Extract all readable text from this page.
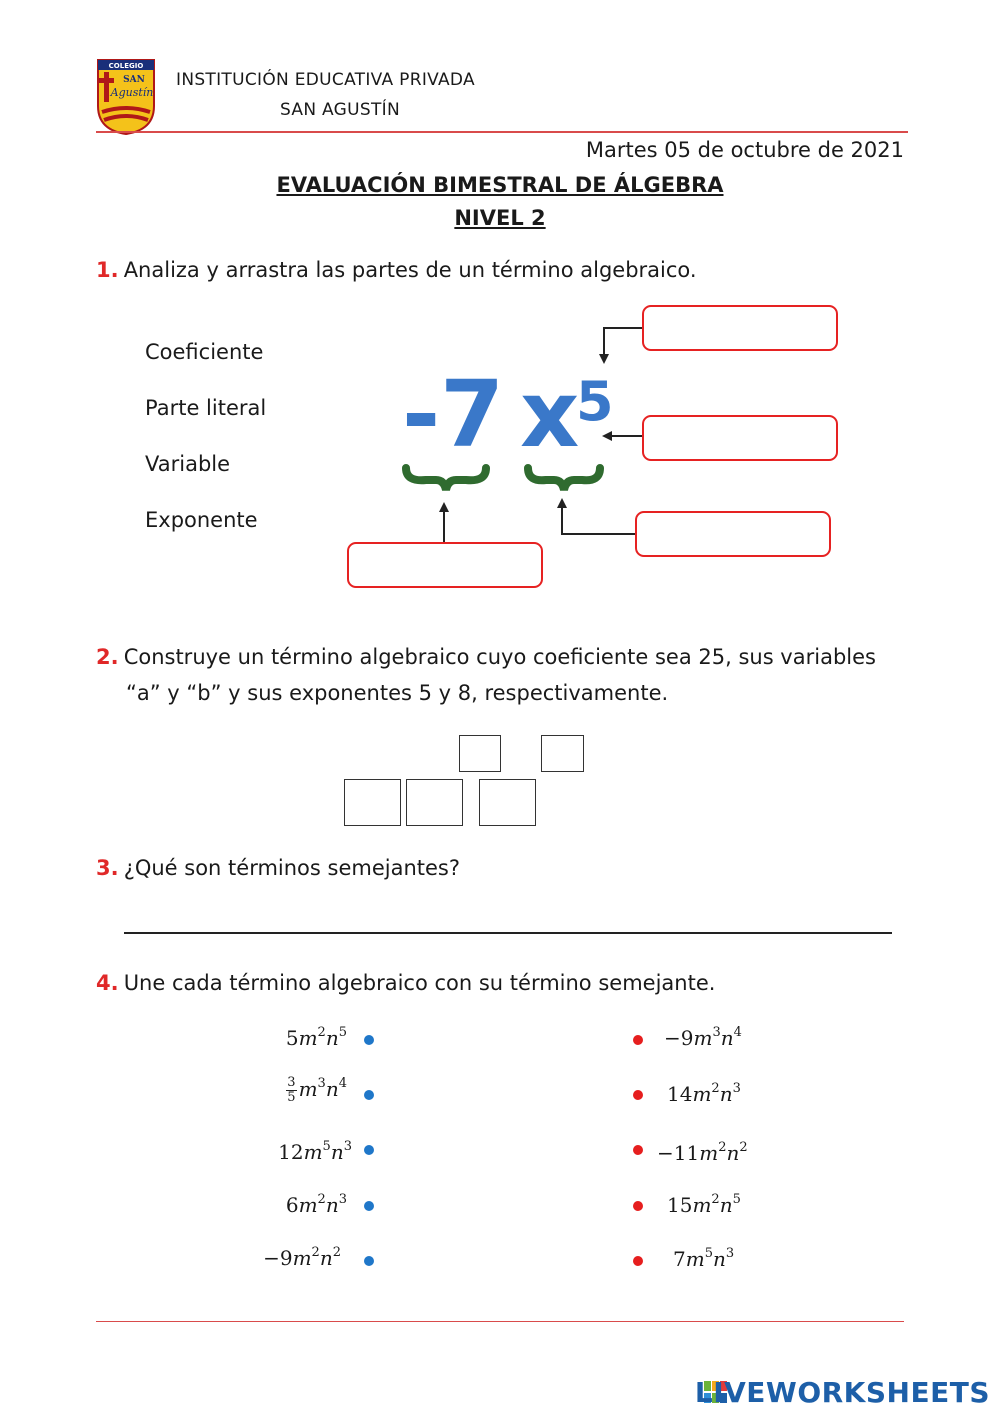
COLEGIO
SAN
Agustín
INSTITUCIÓN EDUCATIVA PRIVADA
SAN AGUSTÍN
Martes 05 de octubre de 2021
EVALUACIÓN BIMESTRAL DE ÁLGEBRA
NIVEL 2
1. Analiza y arrastra las partes de un término algebraico.
Coeficiente
Parte literal
Variable
Exponente
-7 x
5
2. Construye un término algebraico cuyo coeficiente sea 25, sus variables
“a” y “b” y sus exponentes 5 y 8, respectivamente.
3. ¿Qué son términos semejantes?
4. Une cada término algebraico con su término semejante.
$5m^2n^5$
$\frac{3}{5} m^3n^4$
$12m^5n^3$
$6m^2n^3$
$-9m^2n^2$
$-9m^3n^4$
$14m^2n^3$
$-11m^2n^2$
$15m^2n^5$
$7m^5n^3$
LIVEWORKSHEETS
